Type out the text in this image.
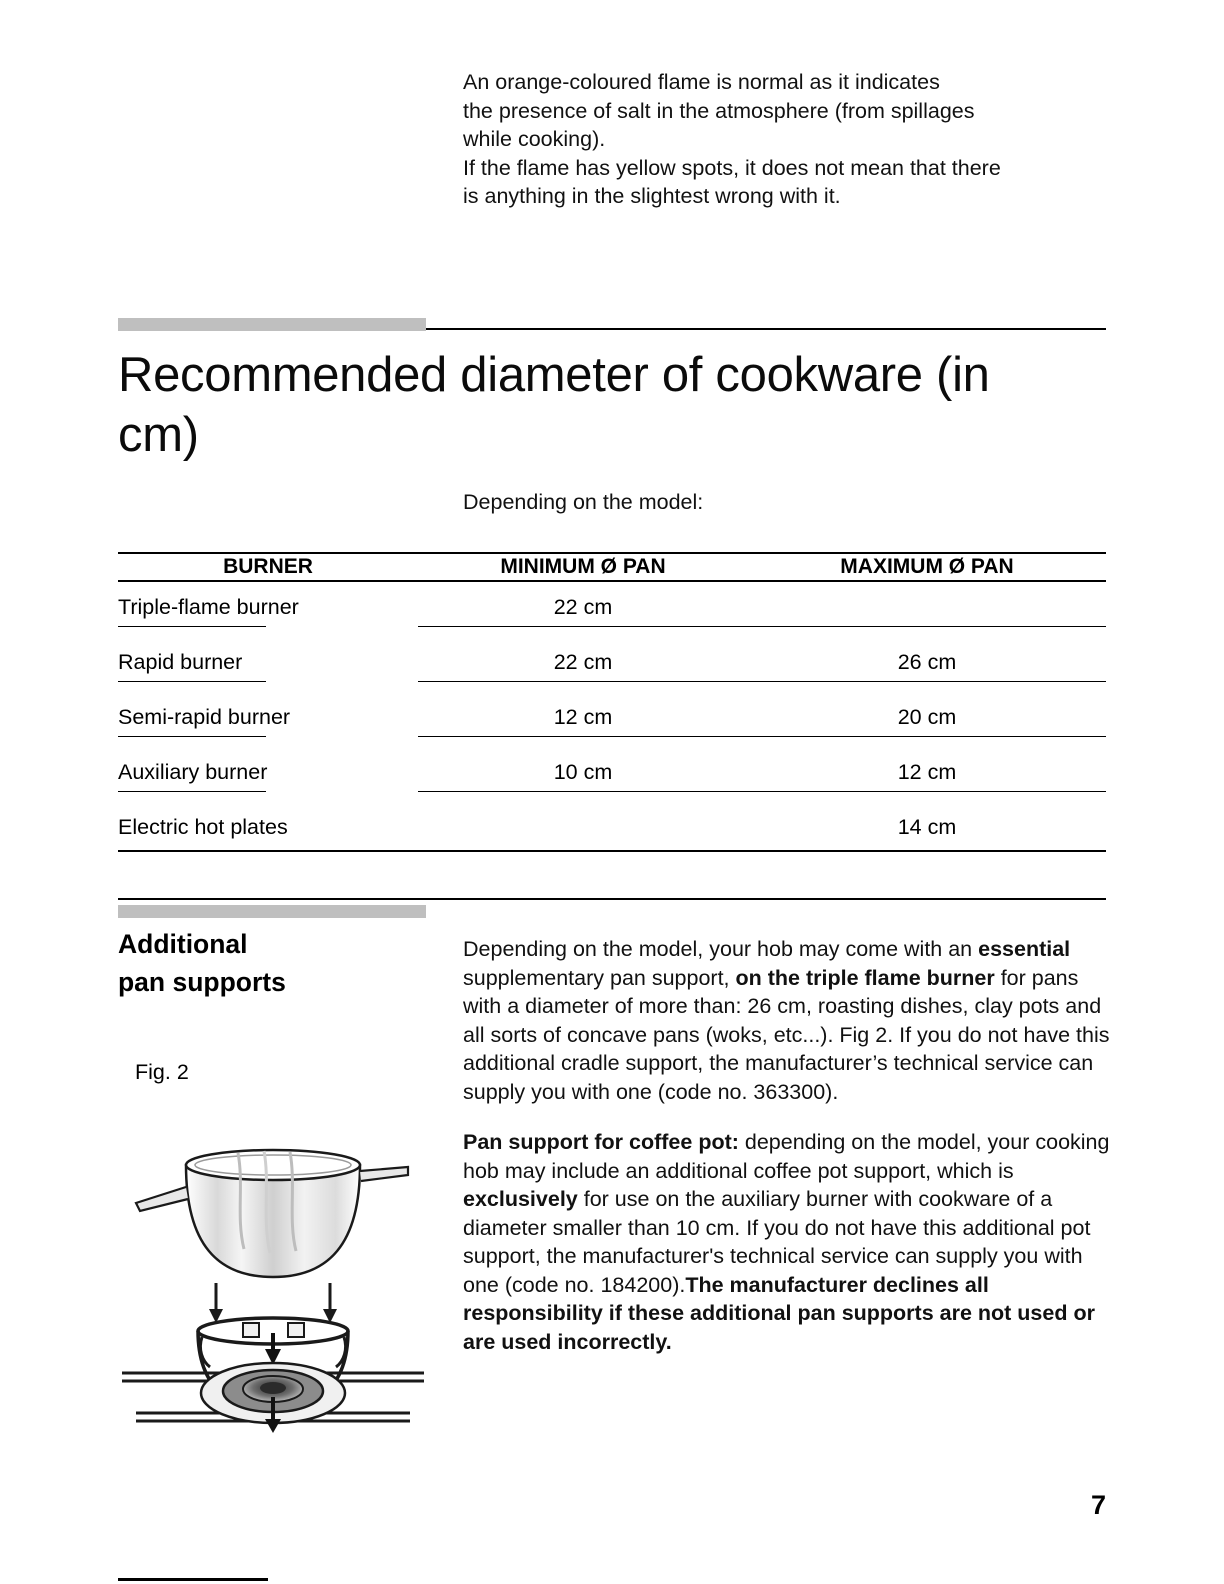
An orange-coloured flame is normal as it indicates

the presence of salt in the atmosphere (from spillages

while cooking).

If the flame has yellow spots, it does not mean that there

is anything in the slightest wrong with it.

Recommended diameter of cookware (in cm)
Depending on the model:

BURNER	MINIMUM Ø PAN	MAXIMUM Ø PAN

Triple-flame burner	22 cm

Rapid burner	22 cm	26 cm

Semi-rapid burner	12 cm	20 cm

Auxiliary burner	10 cm	12 cm

Electric hot plates		14 cm

Additional
pan supports
Fig. 2

Depending on the model, your hob may come with an essential supplementary pan support, on the triple flame burner for pans with a diameter of more than: 26 cm, roasting dishes, clay pots and all sorts of concave pans (woks, etc...). Fig 2. If you do not have this additional cradle support, the manufacturer’s technical service can supply you with one (code no. 363300).

Pan support for coffee pot: depending on the model, your cooking hob may include an additional coffee pot support, which is exclusively for use on the auxiliary burner with cookware of a diameter smaller than 10 cm. If you do not have this additional pot support, the manufacturer's technical service can supply you with one (code no. 184200).The manufacturer declines all responsibility if these additional pan supports are not used or are used incorrectly.

7
